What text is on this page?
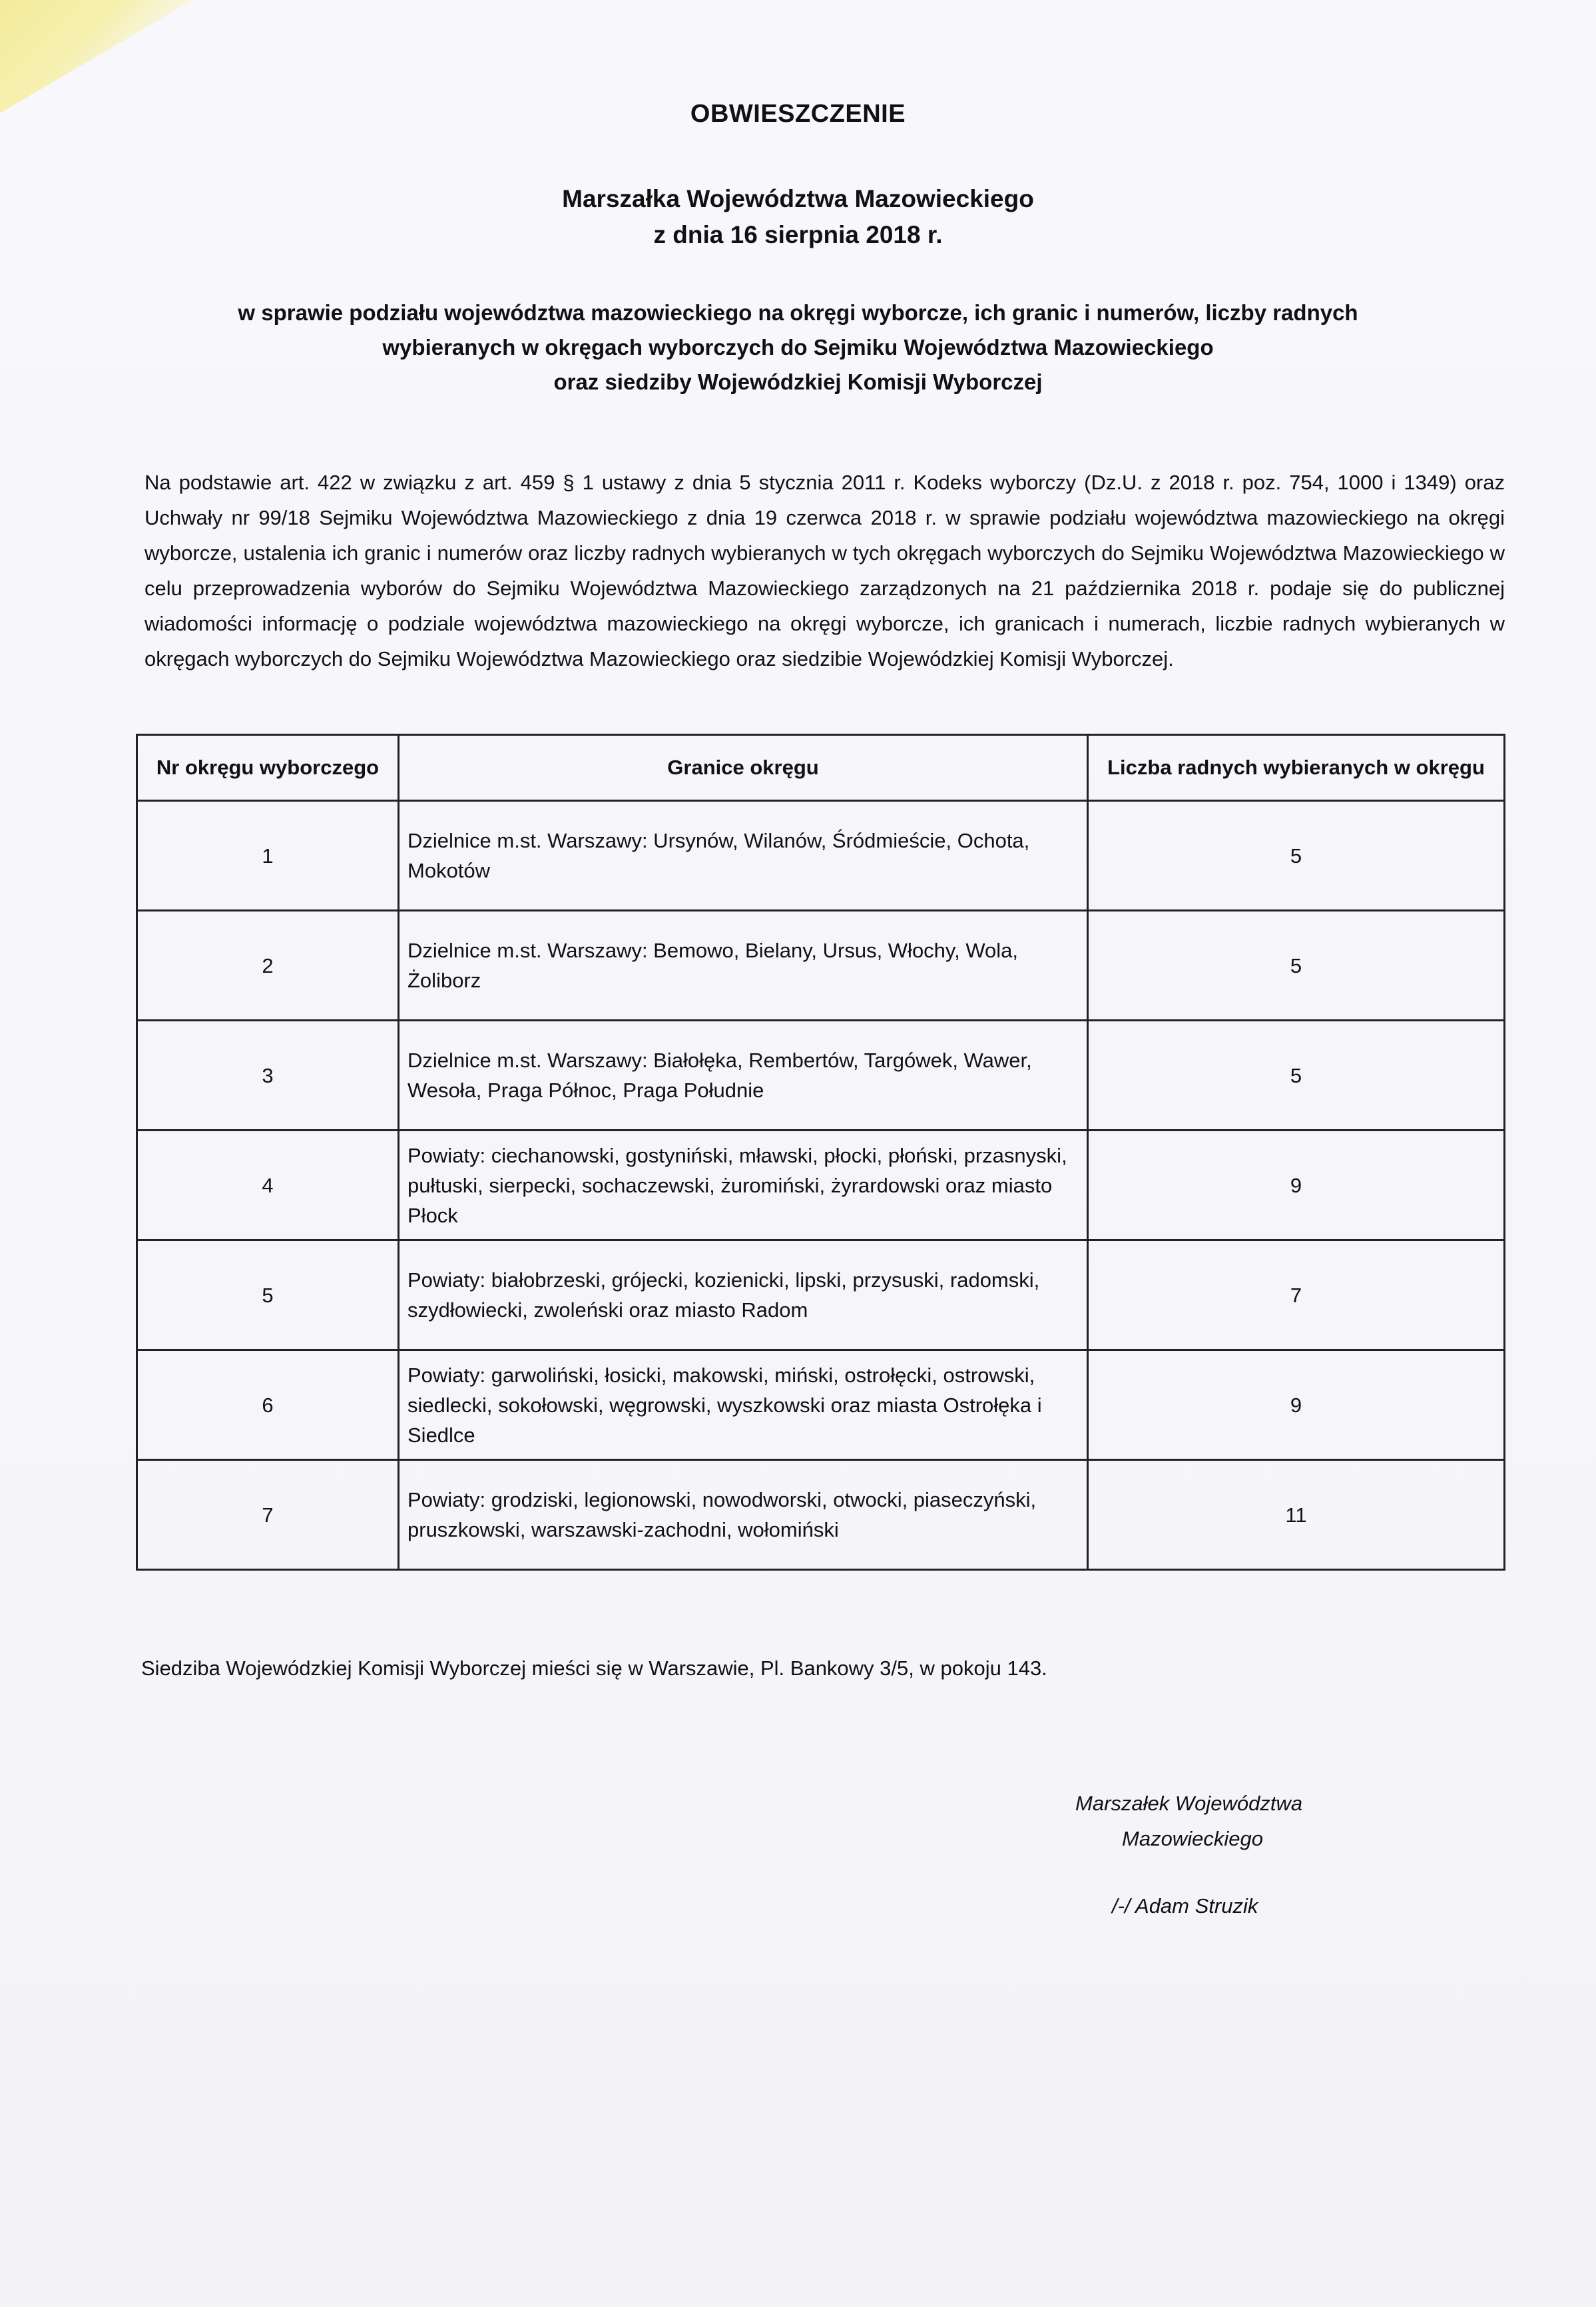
OBWIESZCZENIE
Marszałka Województwa Mazowieckiego
z dnia 16 sierpnia 2018 r.
w sprawie podziału województwa mazowieckiego na okręgi wyborcze, ich granic i numerów, liczby radnych
wybieranych w okręgach wyborczych do Sejmiku Województwa Mazowieckiego
oraz siedziby Wojewódzkiej Komisji Wyborczej
Na podstawie art. 422 w związku z art. 459 § 1 ustawy z dnia 5 stycznia 2011 r. Kodeks wyborczy (Dz.U. z 2018 r. poz. 754, 1000 i 1349) oraz Uchwały nr 99/18 Sejmiku Województwa Mazowieckiego z dnia 19 czerwca 2018 r. w sprawie podziału województwa mazowieckiego na okręgi wyborcze, ustalenia ich granic i numerów oraz liczby radnych wybieranych w tych okręgach wyborczych do Sejmiku Województwa Mazowieckiego w celu przeprowadzenia wyborów do Sejmiku Województwa Mazowieckiego zarządzonych na 21 października 2018 r. podaje się do publicznej wiadomości informację o podziale województwa mazowieckiego na okręgi wyborcze, ich granicach i numerach, liczbie radnych wybieranych w okręgach wyborczych do Sejmiku Województwa Mazowieckiego oraz siedzibie Wojewódzkiej Komisji Wyborczej.
Nr okręgu wyborczego	Granice okręgu	Liczba radnych wybieranych w okręgu
1	Dzielnice m.st. Warszawy: Ursynów, Wilanów, Śródmieście, Ochota, Mokotów	5
2	Dzielnice m.st. Warszawy: Bemowo, Bielany, Ursus, Włochy, Wola, Żoliborz	5
3	Dzielnice m.st. Warszawy: Białołęka, Rembertów, Targówek, Wawer, Wesoła, Praga Północ, Praga Południe	5
4	Powiaty: ciechanowski, gostyniński, mławski, płocki, płoński, przasnyski, pułtuski, sierpecki, sochaczewski, żuromiński, żyrardowski oraz miasto Płock	9
5	Powiaty: białobrzeski, grójecki, kozienicki, lipski, przysuski, radomski, szydłowiecki, zwoleński oraz miasto Radom	7
6	Powiaty: garwoliński, łosicki, makowski, miński, ostrołęcki, ostrowski, siedlecki, sokołowski, węgrowski, wyszkowski oraz miasta Ostrołęka i Siedlce	9
7	Powiaty: grodziski, legionowski, nowodworski, otwocki, piaseczyński, pruszkowski, warszawski-zachodni, wołomiński	11
Siedziba Wojewódzkiej Komisji Wyborczej mieści się w Warszawie, Pl. Bankowy 3/5, w pokoju 143.
Marszałek Województwa
Mazowieckiego
/-/ Adam Struzik
